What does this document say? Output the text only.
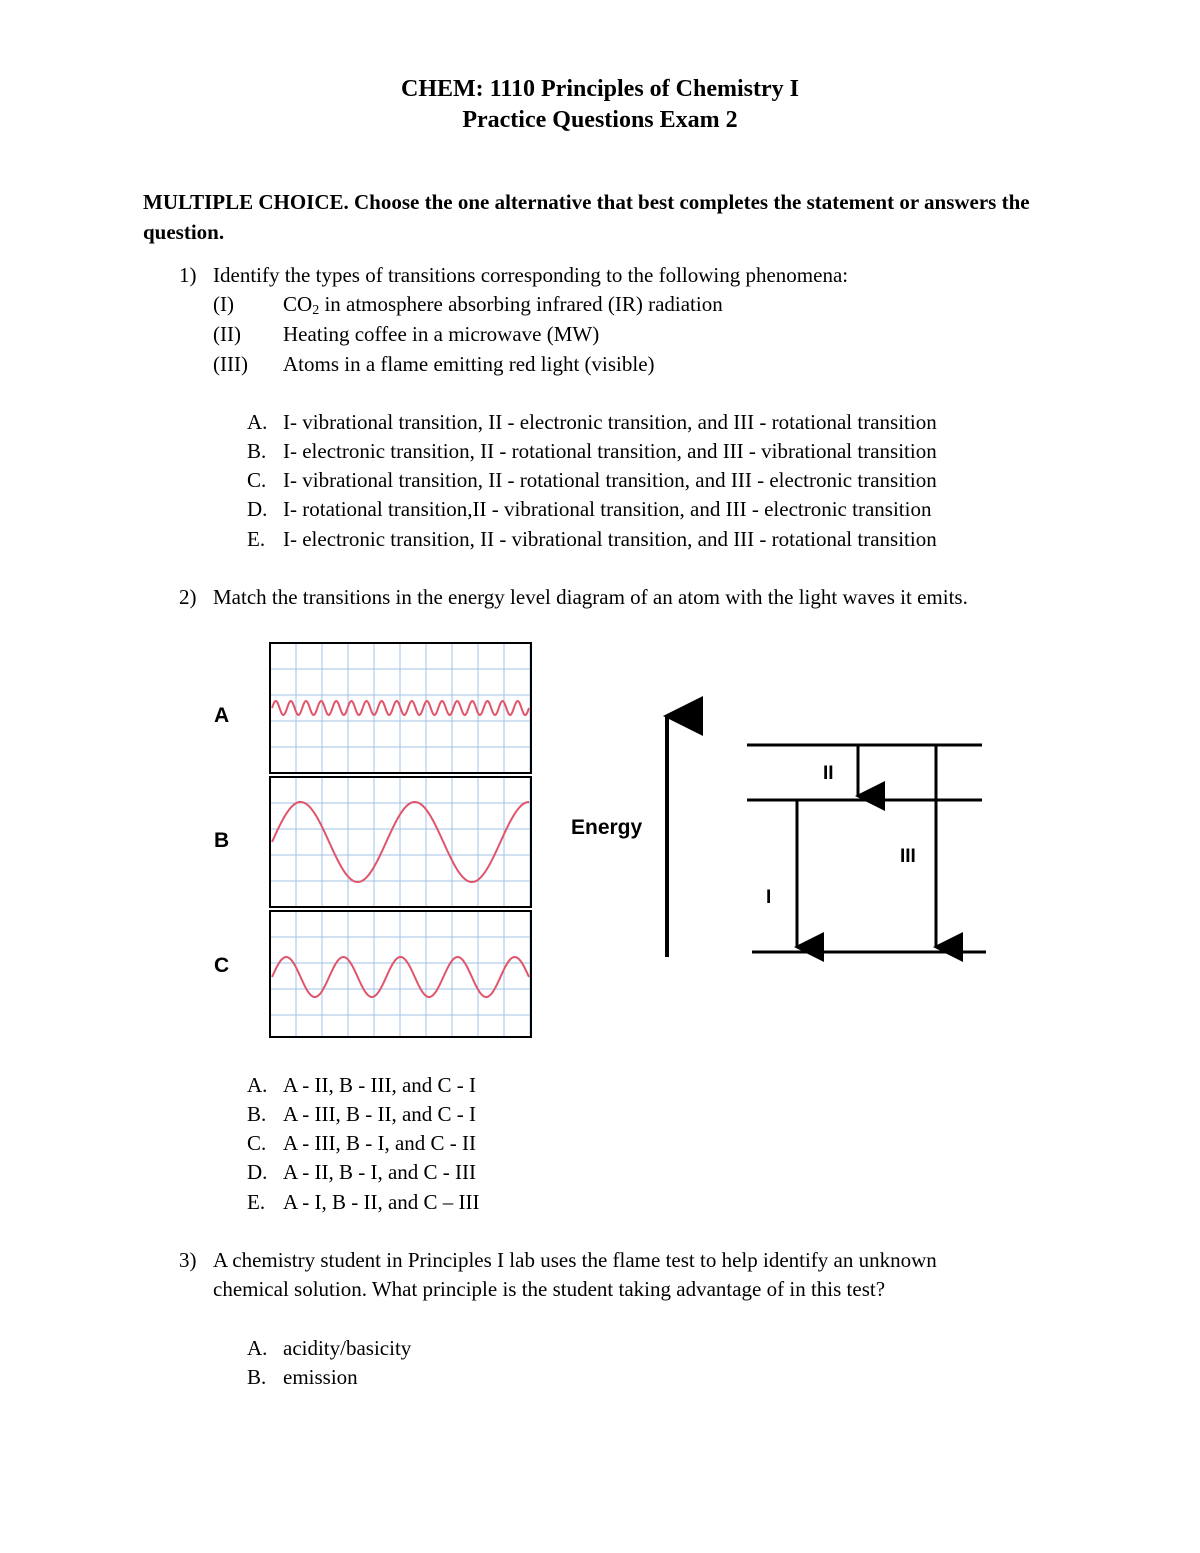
CHEM: 1110 Principles of Chemistry I
Practice Questions Exam 2
MULTIPLE CHOICE. Choose the one alternative that best completes the statement or answers the question.
1) Identify the types of transitions corresponding to the following phenomena:
(I) $CO_2$ in atmosphere absorbing infrared (IR) radiation
(II) Heating coffee in a microwave (MW)
(III) Atoms in a flame emitting red light (visible)
A. I- vibrational transition, II - electronic transition, and III - rotational transition
B. I- electronic transition, II - rotational transition, and III - vibrational transition
C. I- vibrational transition, II - rotational transition, and III - electronic transition
D. I- rotational transition,II - vibrational transition, and III - electronic transition
E. I- electronic transition, II - vibrational transition, and III - rotational transition
2) Match the transitions in the energy level diagram of an atom with the light waves it emits.
A
B
C
Energy
I
II
III
A. A - II, B - III, and C - I
B. A - III, B - II, and C - I
C. A - III, B - I, and C - II
D. A - II, B - I, and C - III
E. A - I, B - II, and C – III
3) A chemistry student in Principles I lab uses the flame test to help identify an unknown
chemical solution. What principle is the student taking advantage of in this test?
A. acidity/basicity
B. emission
